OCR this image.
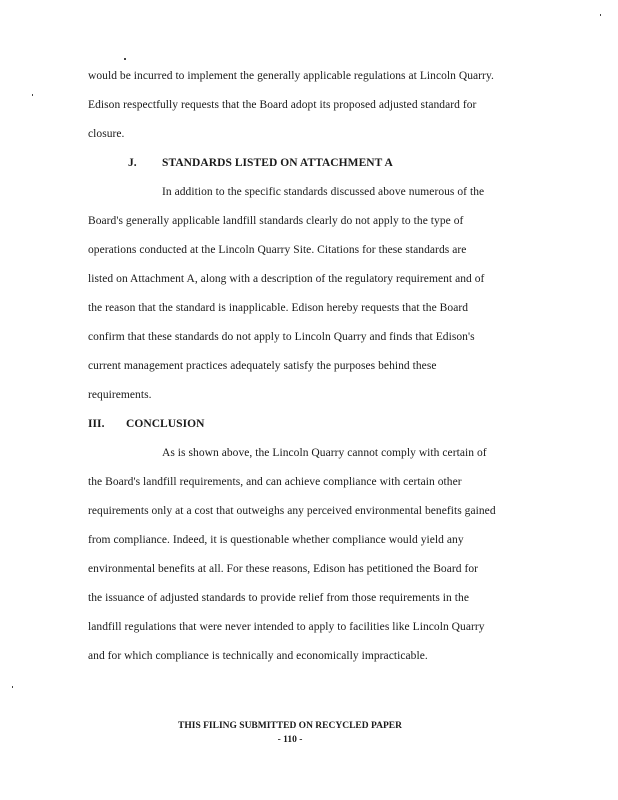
would be incurred to implement the generally applicable regulations at Lincoln Quarry.
Edison respectfully requests that the Board adopt its proposed adjusted standard for
closure.
J. STANDARDS LISTED ON ATTACHMENT A
In addition to the specific standards discussed above numerous of the
Board's generally applicable landfill standards clearly do not apply to the type of
operations conducted at the Lincoln Quarry Site. Citations for these standards are
listed on Attachment A, along with a description of the regulatory requirement and of
the reason that the standard is inapplicable. Edison hereby requests that the Board
confirm that these standards do not apply to Lincoln Quarry and finds that Edison's
current management practices adequately satisfy the purposes behind these
requirements.
III. CONCLUSION
As is shown above, the Lincoln Quarry cannot comply with certain of
the Board's landfill requirements, and can achieve compliance with certain other
requirements only at a cost that outweighs any perceived environmental benefits gained
from compliance. Indeed, it is questionable whether compliance would yield any
environmental benefits at all. For these reasons, Edison has petitioned the Board for
the issuance of adjusted standards to provide relief from those requirements in the
landfill regulations that were never intended to apply to facilities like Lincoln Quarry
and for which compliance is technically and economically impracticable.
THIS FILING SUBMITTED ON RECYCLED PAPER
- 110 -
